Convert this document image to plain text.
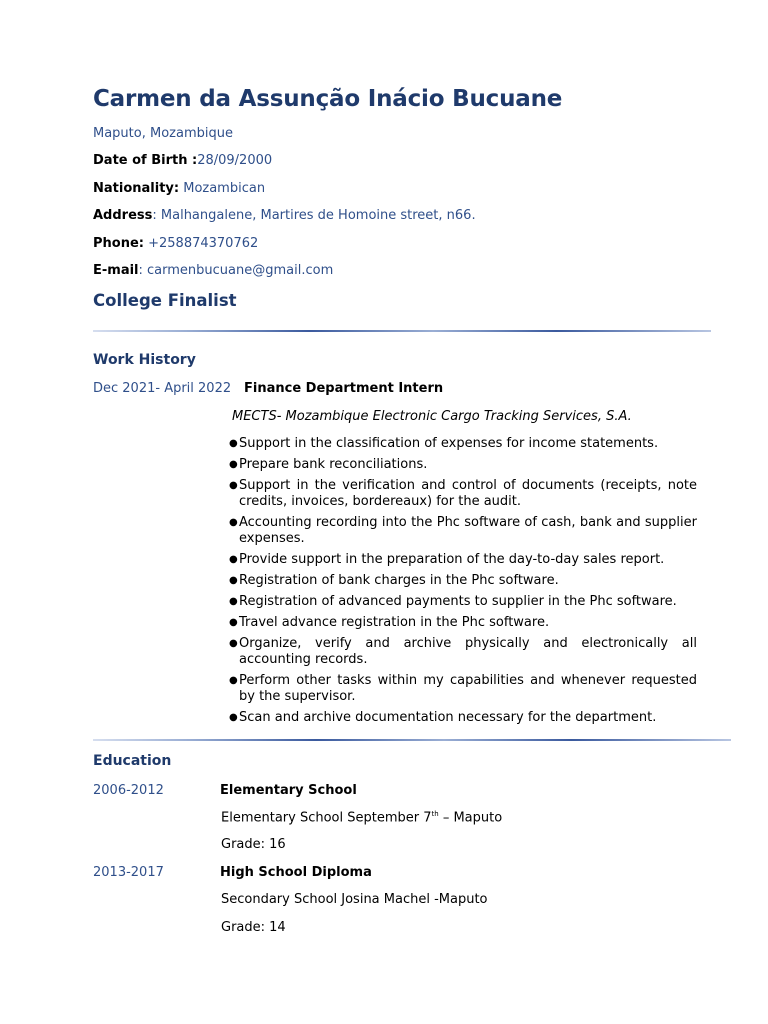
Carmen da Assunção Inácio Bucuane
Maputo, Mozambique
Date of Birth :28/09/2000
Nationality: Mozambican
Address: Malhangalene, Martires de Homoine street, n66.
Phone: +258874370762
E-mail: carmenbucuane@gmail.com
College Finalist
Work History
Dec 2021- April 2022 Finance Department Intern
MECTS- Mozambique Electronic Cargo Tracking Services, S.A.
● Support in the classification of expenses for income statements.
● Prepare bank reconciliations.
● Support in the verification and control of documents (receipts, note credits, invoices, bordereaux) for the audit.
● Accounting recording into the Phc software of cash, bank and supplier expenses.
● Provide support in the preparation of the day-to-day sales report.
● Registration of bank charges in the Phc software.
● Registration of advanced payments to supplier in the Phc software.
● Travel advance registration in the Phc software.
● Organize, verify and archive physically and electronically all accounting records.
● Perform other tasks within my capabilities and whenever requested by the supervisor.
● Scan and archive documentation necessary for the department.
Education
2006-2012	Elementary School
Elementary School September 7th – Maputo
Grade: 16
2013-2017	High School Diploma
Secondary School Josina Machel -Maputo
Grade: 14
